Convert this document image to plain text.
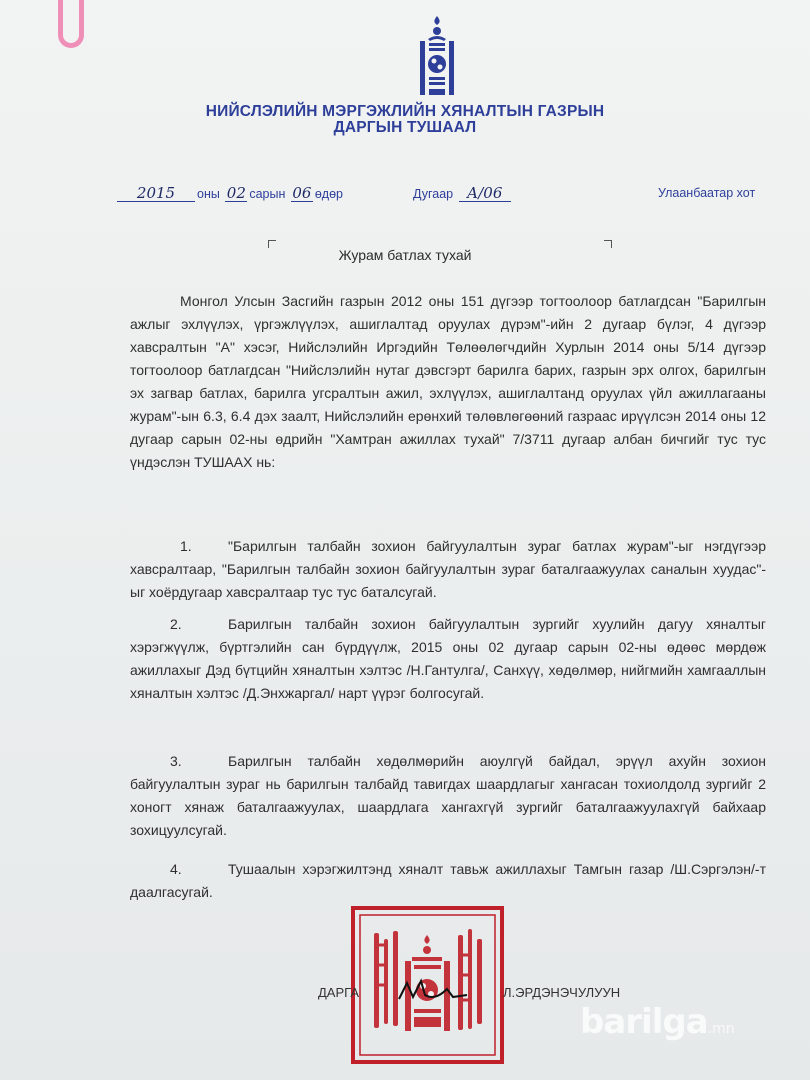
НИЙСЛЭЛИЙН МЭРГЭЖЛИЙН ХЯНАЛТЫН ГАЗРЫН
ДАРГЫН ТУШААЛ
2015 оны 02 сарын 06 өдөр	Дугаар А/06	Улаанбаатар хот
Журам батлах тухай
Монгол Улсын Засгийн газрын 2012 оны 151 дүгээр тогтоолоор батлагдсан "Барилгын ажлыг эхлүүлэх, үргэжлүүлэх, ашиглалтад оруулах дүрэм"-ийн 2 дугаар бүлэг, 4 дүгээр хавсралтын "А" хэсэг, Нийслэлийн Иргэдийн Төлөөлөгчдийн Хурлын 2014 оны 5/14 дүгээр тогтоолоор батлагдсан "Нийслэлийн нутаг дэвсгэрт барилга барих, газрын эрх олгох, барилгын эх загвар батлах, барилга угсралтын ажил, эхлүүлэх, ашиглалтанд оруулах үйл ажиллагааны журам"-ын 6.3, 6.4 дэх заалт, Нийслэлийн ерөнхий төлөвлөгөөний газраас ирүүлсэн 2014 оны 12 дугаар сарын 02-ны өдрийн "Хамтран ажиллах тухай" 7/3711 дугаар албан бичгийг тус тус үндэслэн ТУШААХ нь:
1.	"Барилгын талбайн зохион байгуулалтын зураг батлах журам"-ыг нэгдүгээр хавсралтаар, "Барилгын талбайн зохион байгуулалтын зураг баталгаажуулах саналын хуудас"-ыг хоёрдугаар хавсралтаар тус тус баталсугай.
2.	Барилгын талбайн зохион байгуулалтын зургийг хуулийн дагуу хяналтыг хэрэгжүүлж, бүртгэлийн сан бүрдүүлж, 2015 оны 02 дугаар сарын 02-ны өдөөс мөрдөж ажиллахыг Дэд бүтцийн хяналтын хэлтэс /Н.Гантулга/, Санхүү, хөдөлмөр, нийгмийн хамгааллын хяналтын хэлтэс /Д.Энхжаргал/ нарт үүрэг болгосугай.
3.	Барилгын талбайн хөдөлмөрийн аюулгүй байдал, эрүүл ахуйн зохион байгуулалтын зураг нь барилгын талбайд тавигдах шаардлагыг хангасан тохиолдолд зургийг 2 хоногт хянаж баталгаажуулах, шаардлага хангахгүй зургийг баталгаажуулахгүй байхаар зохицуулсугай.
4.	Тушаалын хэрэгжилтэнд хяналт тавьж ажиллахыг Тамгын газар /Ш.Сэргэлэн/-т даалгасугай.
ДАРГА	Л.ЭРДЭНЭЧУЛУУН
barilga.mn
